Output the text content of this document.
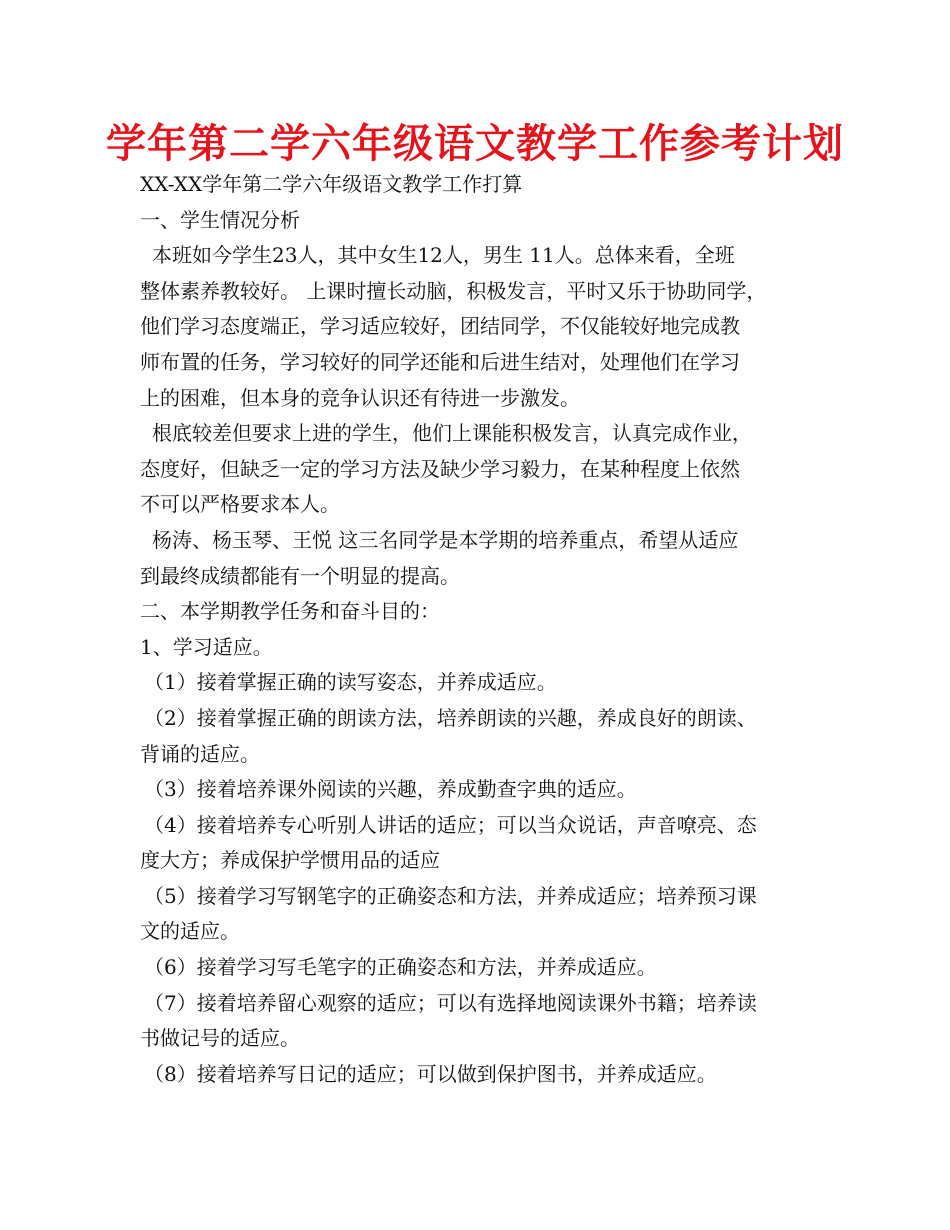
学年第二学六年级语文教学工作参考计划
XX-XX学年第二学六年级语文教学工作打算
一、学生情况分析
本班如今学生23人，其中女生12人，男生 11人。总体来看，全班
整体素养教较好。 上课时擅长动脑，积极发言，平时又乐于协助同学，
他们学习态度端正，学习适应较好，团结同学，不仅能较好地完成教
师布置的任务，学习较好的同学还能和后进生结对，处理他们在学习
上的困难，但本身的竞争认识还有待进一步激发。
根底较差但要求上进的学生，他们上课能积极发言，认真完成作业，
态度好，但缺乏一定的学习方法及缺少学习毅力，在某种程度上依然
不可以严格要求本人。
杨涛、杨玉琴、王悦 这三名同学是本学期的培养重点，希望从适应
到最终成绩都能有一个明显的提高。
二、本学期教学任务和奋斗目的：
1、学习适应。
（1）接着掌握正确的读写姿态，并养成适应。
（2）接着掌握正确的朗读方法，培养朗读的兴趣，养成良好的朗读、
背诵的适应。
（3）接着培养课外阅读的兴趣，养成勤查字典的适应。
（4）接着培养专心听别人讲话的适应；可以当众说话，声音嘹亮、态
度大方；养成保护学惯用品的适应
（5）接着学习写钢笔字的正确姿态和方法，并养成适应；培养预习课
文的适应。
（6）接着学习写毛笔字的正确姿态和方法，并养成适应。
（7）接着培养留心观察的适应；可以有选择地阅读课外书籍；培养读
书做记号的适应。
（8）接着培养写日记的适应；可以做到保护图书，并养成适应。
